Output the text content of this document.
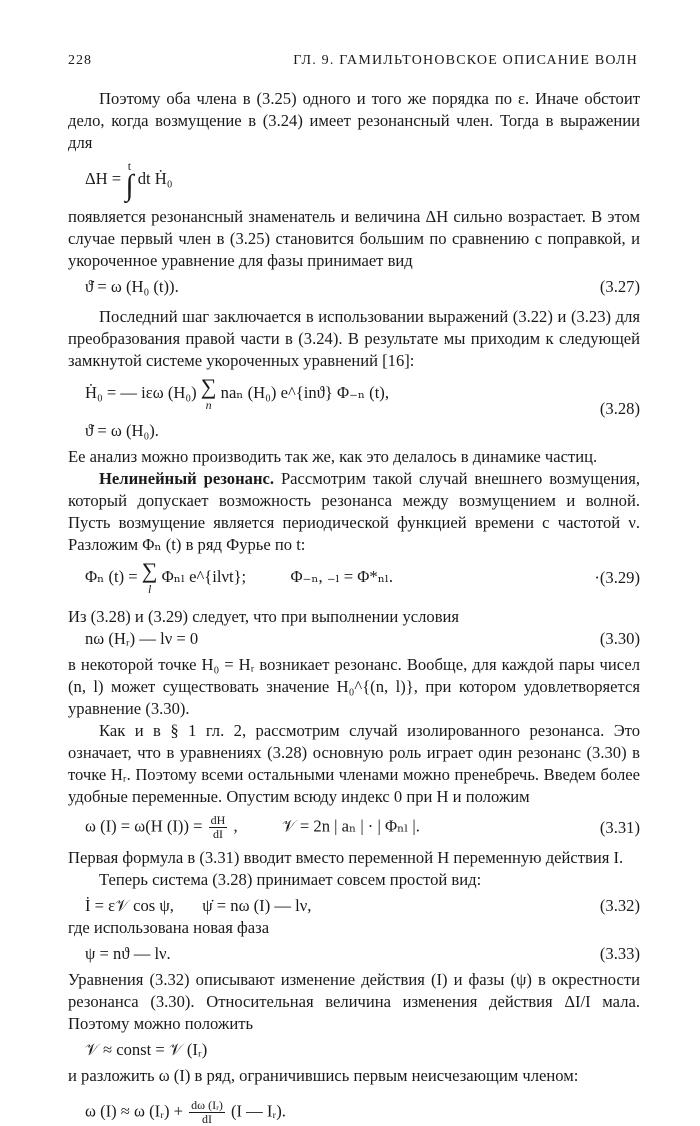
228	ГЛ. 9. ГАМИЛЬТОНОВСКОЕ ОПИСАНИЕ ВОЛН

Поэтому оба члена в (3.25) одного и того же порядка по ε. Иначе обстоит дело, когда возмущение в (3.24) имеет резонансный член. Тогда в выражении для

ΔH =
t
∫ dt Ḣ₀

появляется резонансный знаменатель и величина ΔH сильно возрастает. В этом случае первый член в (3.25) становится большим по сравнению с поправкой, и укороченное уравнение для фазы принимает вид

ϑ̇ = ω (H₀ (t)).	(3.27)

Последний шаг заключается в использовании выражений (3.22) и (3.23) для преобразования правой части в (3.24). В результате мы приходим к следующей замкнутой системе укороченных уравнений [16]:

Ḣ₀ = — iεω (H₀) ∑
n
naₙ (H₀) e^{inϑ} Φ₋ₙ (t),
ϑ̇ = ω (H₀).
(3.28)

Ее анализ можно производить так же, как это делалось в динамике частиц.

Нелинейный резонанс. Рассмотрим такой случай внешнего возмущения, который допускает возможность резонанса между возмущением и волной. Пусть возмущение является периодической функцией времени с частотой ν. Разложим Φₙ (t) в ряд Фурье по t:

Φₙ (t) = ∑
l
Φₙₗ e^{ilνt};	Φ₋ₙ, ₋ₗ = Φ*ₙₗ.	·(3.29)

Из (3.28) и (3.29) следует, что при выполнении условия

nω (Hᵣ) — lν = 0	(3.30)

в некоторой точке H₀ = Hᵣ возникает резонанс. Вообще, для каждой пары чисел (n, l) может существовать значение H₀^{(n, l)}, при котором удовлетворяется уравнение (3.30).

Как и в § 1 гл. 2, рассмотрим случай изолированного резонанса. Это означает, что в уравнениях (3.28) основную роль играет один резонанс (3.30) в точке Hᵣ. Поэтому всеми остальными членами можно пренебречь. Введем более удобные переменные. Опустим всюду индекс 0 при H и положим

ω (I) = ω(H $(I)) = \frac{dH}{dI}$ ,	𝒱 = 2n | aₙ | · | Φₙₗ |.	(3.31)

Первая формула в (3.31) вводит вместо переменной H переменную действия I.

Теперь система (3.28) принимает совсем простой вид:

İ = ε𝒱 cos ψ, ψ̇ = nω (I) — lν,	(3.32)

где использована новая фаза

ψ = nϑ — lν.	(3.33)

Уравнения (3.32) описывают изменение действия (I) и фазы (ψ) в окрестности резонанса (3.30). Относительная величина изменения действия ΔI/I мала. Поэтому можно положить

𝒱 ≈ const = 𝒱 (Iᵣ)

и разложить ω (I) в ряд, ограничившись первым неисчезающим членом:

ω (I) ≈ ω (Iᵣ) + $\frac{\text{dω (Iᵣ)}}{dI} (I$ — Iᵣ).
